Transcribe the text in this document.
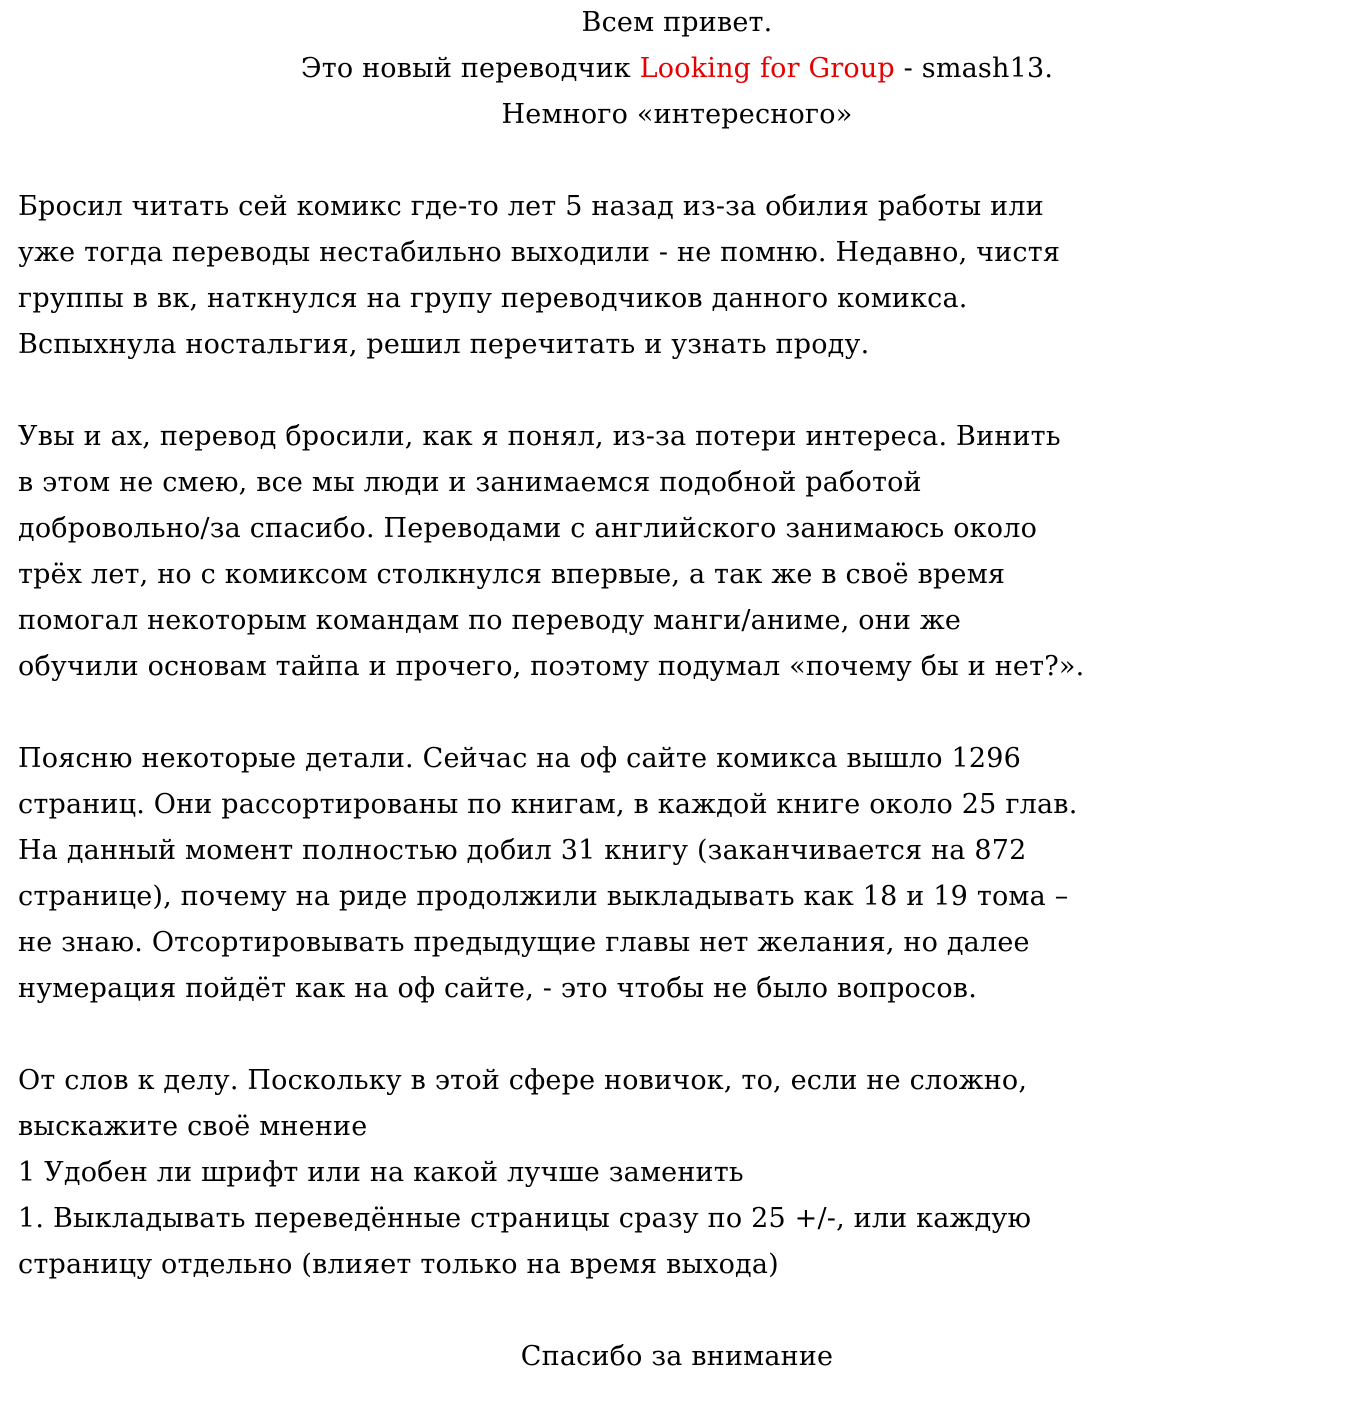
Всем привет.
Это новый переводчик Looking for Group - smash13.
Немного «интересного»
Бросил читать сей комикс где-то лет 5 назад из-за обилия работы или
уже тогда переводы нестабильно выходили - не помню. Недавно, чистя
группы в вк, наткнулся на групу переводчиков данного комикса.
Вспыхнула ностальгия, решил перечитать и узнать проду.
Увы и ах, перевод бросили, как я понял, из-за потери интереса. Винить
в этом не смею, все мы люди и занимаемся подобной работой
добровольно/за спасибо. Переводами с английского занимаюсь около
трёх лет, но с комиксом столкнулся впервые, а так же в своё время
помогал некоторым командам по переводу манги/аниме, они же
обучили основам тайпа и прочего, поэтому подумал «почему бы и нет?».
Поясню некоторые детали. Сейчас на оф сайте комикса вышло 1296
страниц. Они рассортированы по книгам, в каждой книге около 25 глав.
На данный момент полностью добил 31 книгу (заканчивается на 872
странице), почему на риде продолжили выкладывать как 18 и 19 тома –
не знаю. Отсортировывать предыдущие главы нет желания, но далее
нумерация пойдёт как на оф сайте, - это чтобы не было вопросов.
От слов к делу. Поскольку в этой сфере новичок, то, если не сложно,
выскажите своё мнение
1 Удобен ли шрифт или на какой лучше заменить
1. Выкладывать переведённые страницы сразу по 25 +/-, или каждую
страницу отдельно (влияет только на время выхода)
Спасибо за внимание
